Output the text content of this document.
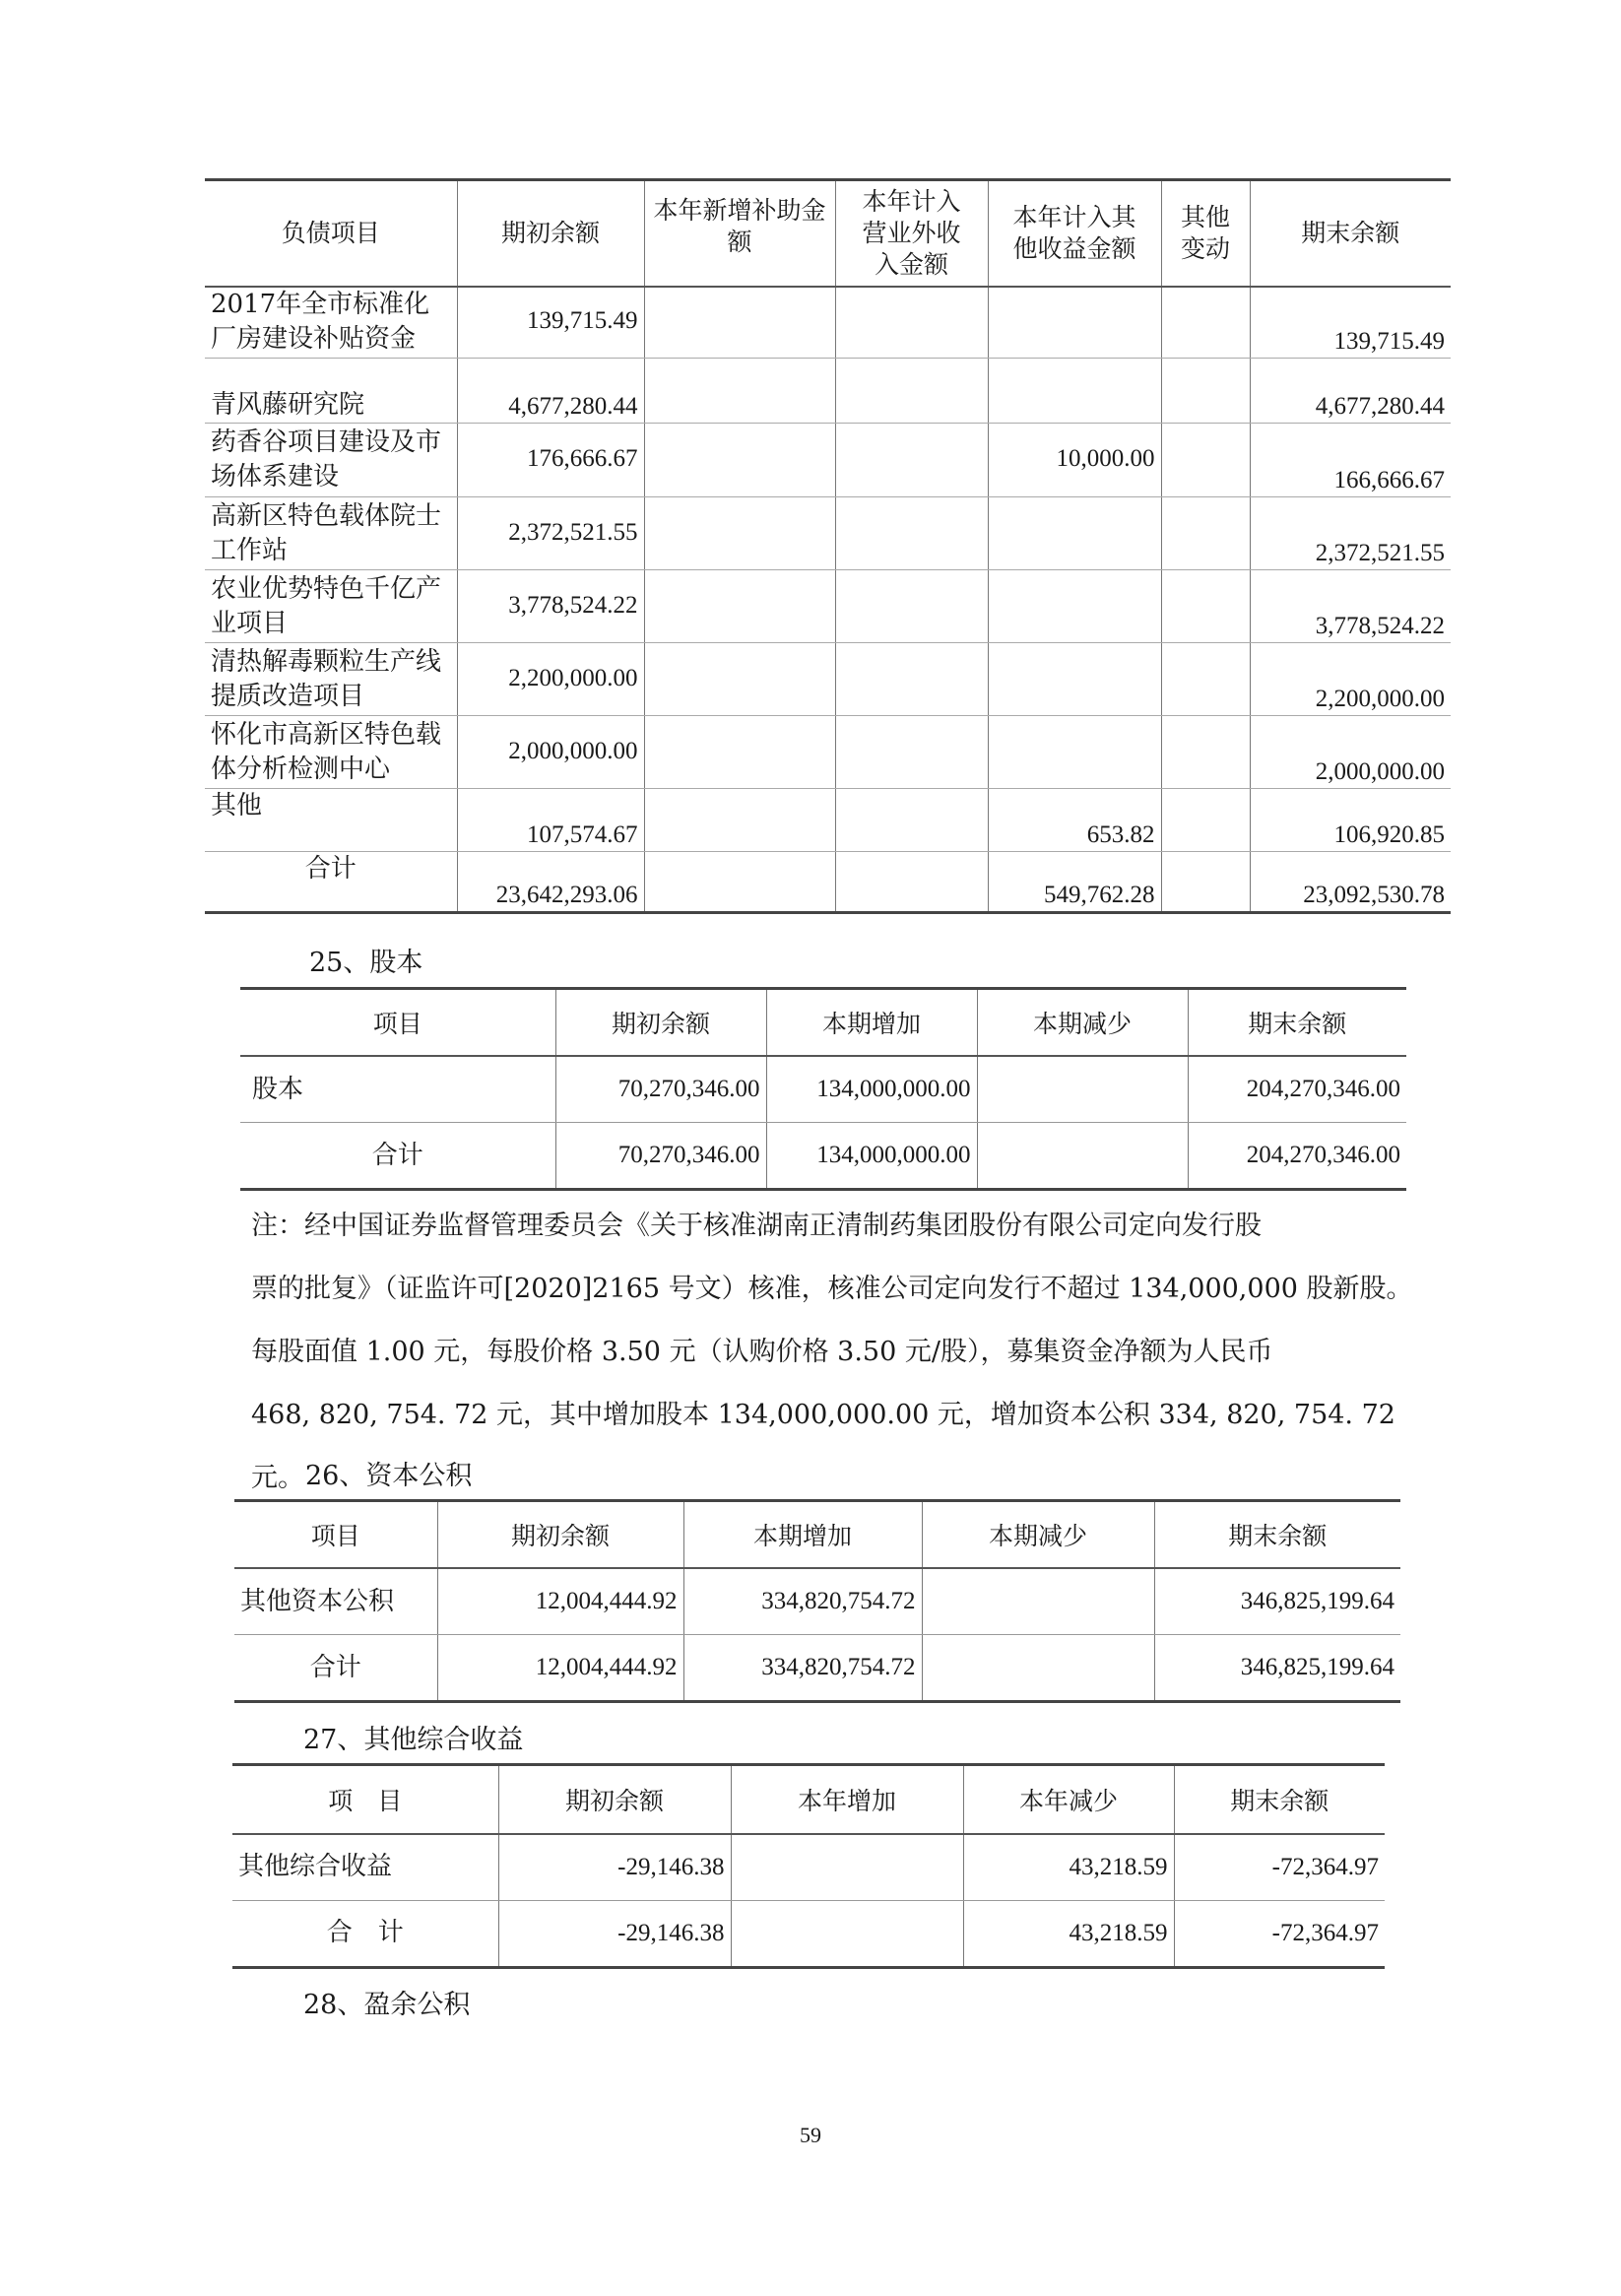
负债项目	期初余额	本年新增补助金额	本年计入营业外收入金额	本年计入其他收益金额	其他变动	期末余额
2017年全市标准化厂房建设补贴资金	139,715.49					139,715.49
青风藤研究院	4,677,280.44					4,677,280.44
药香谷项目建设及市场体系建设	176,666.67			10,000.00		166,666.67
高新区特色载体院士工作站	2,372,521.55					2,372,521.55
农业优势特色千亿产业项目	3,778,524.22					3,778,524.22
清热解毒颗粒生产线提质改造项目	2,200,000.00					2,200,000.00
怀化市高新区特色载体分析检测中心	2,000,000.00					2,000,000.00
其他	107,574.67			653.82		106,920.85
合计	23,642,293.06			549,762.28		23,092,530.78
25、股本
项目	期初余额	本期增加	本期减少	期末余额
股本	70,270,346.00	134,000,000.00		204,270,346.00
合计	70,270,346.00	134,000,000.00		204,270,346.00

注：经中国证券监督管理委员会《关于核准湖南正清制药集团股份有限公司定向发行股

票的批复》（证监许可[2020]2165 号文）核准，核准公司定向发行不超过 134,000,000 股新股。

每股面值 1.00 元，每股价格 3.50 元（认购价格 3.50 元/股），募集资金净额为人民币

468, 820, 754. 72 元，其中增加股本 134,000,000.00 元，增加资本公积 334, 820, 754. 72 元。 26、资本公积
项目	期初余额	本期增加	本期减少	期末余额
其他资本公积	12,004,444.92	334,820,754.72		346,825,199.64
合计	12,004,444.92	334,820,754.72		346,825,199.64
27、其他综合收益
项　目	期初余额	本年增加	本年减少	期末余额
其他综合收益	-29,146.38		43,218.59	-72,364.97
合　计	-29,146.38		43,218.59	-72,364.97
28、盈余公积
59
